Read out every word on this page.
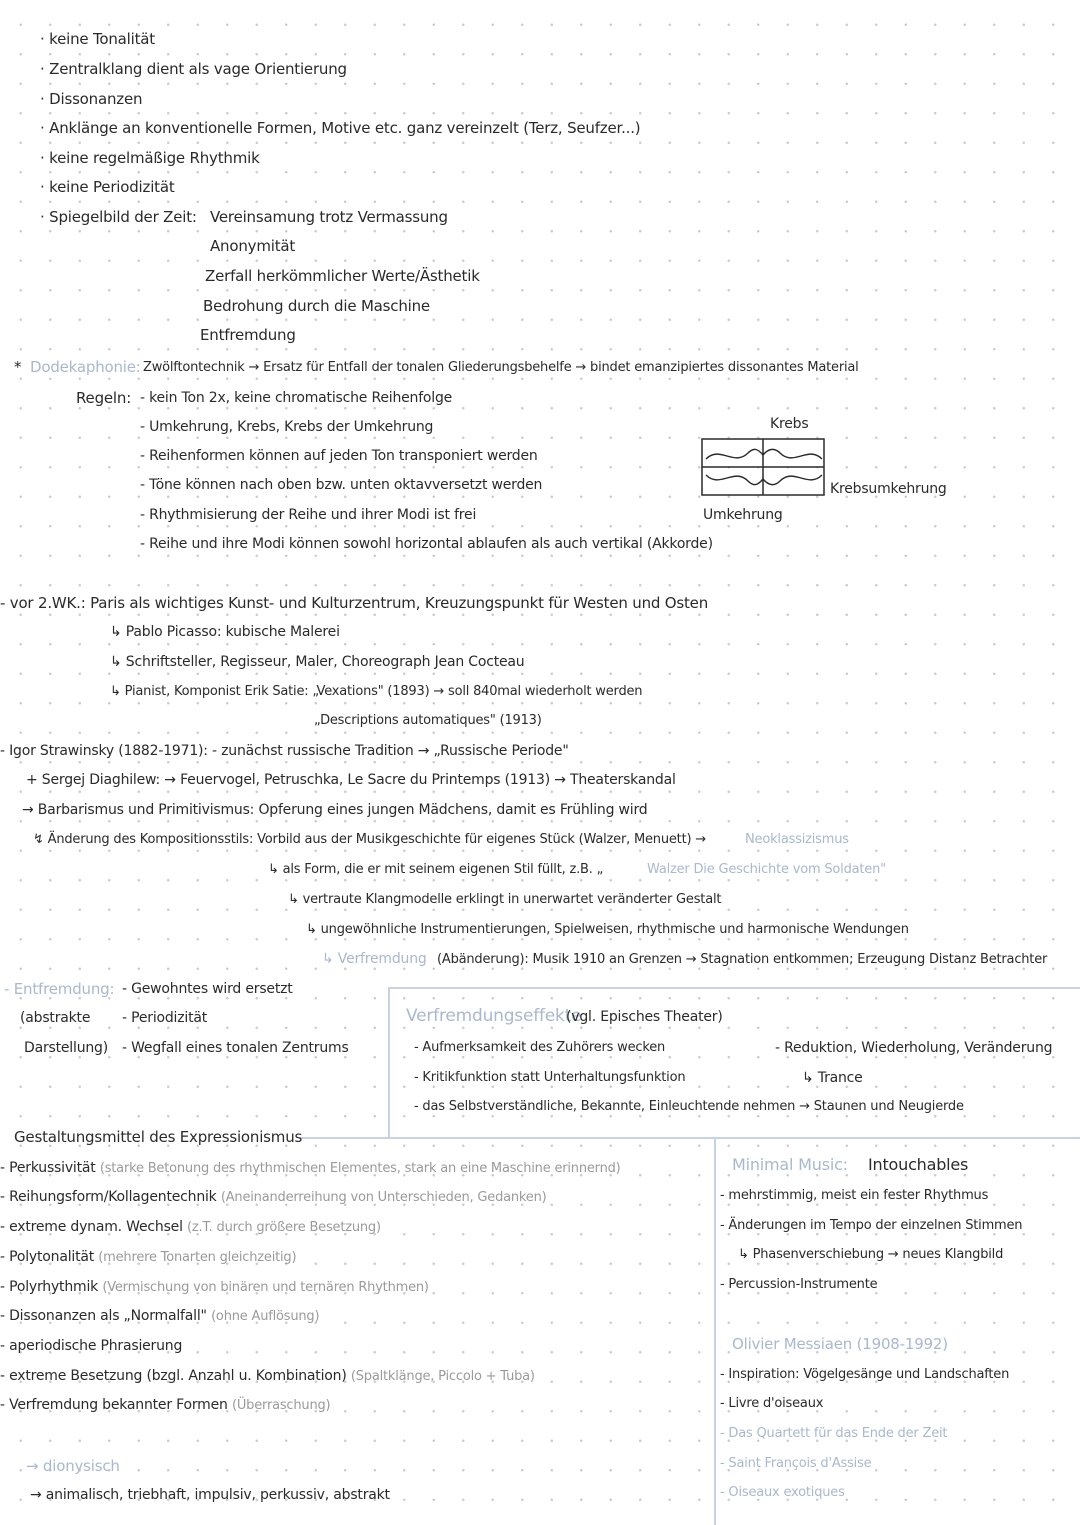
· keine Tonalität
· Zentralklang dient als vage Orientierung
· Dissonanzen
· Anklänge an konventionelle Formen, Motive etc. ganz vereinzelt (Terz, Seufzer...)
· keine regelmäßige Rhythmik
· keine Periodizität
· Spiegelbild der Zeit: Vereinsamung trotz Vermassung
Anonymität
Zerfall herkömmlicher Werte/Ästhetik
Bedrohung durch die Maschine
Entfremdung
* Dodekaphonie: Zwölftontechnik → Ersatz für Entfall der tonalen Gliederungsbehelfe → bindet emanzipiertes dissonantes Material
Regeln: - kein Ton 2x, keine chromatische Reihenfolge
- Umkehrung, Krebs, Krebs der Umkehrung
- Reihenformen können auf jeden Ton transponiert werden
- Töne können nach oben bzw. unten oktavversetzt werden
- Rhythmisierung der Reihe und ihrer Modi ist frei
- Reihe und ihre Modi können sowohl horizontal ablaufen als auch vertikal (Akkorde)
Krebs
Krebsumkehrung
Umkehrung
- vor 2.WK.: Paris als wichtiges Kunst- und Kulturzentrum, Kreuzungspunkt für Westen und Osten
↳ Pablo Picasso: kubische Malerei
↳ Schriftsteller, Regisseur, Maler, Choreograph Jean Cocteau
↳ Pianist, Komponist Erik Satie: „Vexations" (1893) → soll 840mal wiederholt werden
„Descriptions automatiques" (1913)
- Igor Strawinsky (1882-1971): - zunächst russische Tradition → „Russische Periode"
+ Sergej Diaghilew: → Feuervogel, Petruschka, Le Sacre du Printemps (1913) → Theaterskandal
→ Barbarismus und Primitivismus: Opferung eines jungen Mädchens, damit es Frühling wird
↯ Änderung des Kompositionsstils: Vorbild aus der Musikgeschichte für eigenes Stück (Walzer, Menuett) →	Neoklassizismus
↳ als Form, die er mit seinem eigenen Stil füllt, z.B. „	Walzer Die Geschichte vom Soldaten"
↳ vertraute Klangmodelle erklingt in unerwartet veränderter Gestalt
↳ ungewöhnliche Instrumentierungen, Spielweisen, rhythmische und harmonische Wendungen
↳ Verfremdung (Abänderung): Musik 1910 an Grenzen → Stagnation entkommen; Erzeugung Distanz Betrachter
- Entfremdung:
(abstrakte
Darstellung)
- Gewohntes wird ersetzt
- Periodizität
- Wegfall eines tonalen Zentrums
Verfremdungseffekte
(vgl. Episches Theater)
- Aufmerksamkeit des Zuhörers wecken
- Kritikfunktion statt Unterhaltungsfunktion
- das Selbstverständliche, Bekannte, Einleuchtende nehmen → Staunen und Neugierde
- Reduktion, Wiederholung, Veränderung
↳ Trance
Gestaltungsmittel des Expressionismus
- Perkussivität (starke Betonung des rhythmischen Elementes, stark an eine Maschine erinnernd)
- Reihungsform/Kollagentechnik (Aneinanderreihung von Unterschieden, Gedanken)
- extreme dynam. Wechsel (z.T. durch größere Besetzung)
- Polytonalität (mehrere Tonarten gleichzeitig)
- Polyrhythmik (Vermischung von binären und ternären Rhythmen)
- Dissonanzen als „Normalfall" (ohne Auflösung)
- aperiodische Phrasierung
- extreme Besetzung (bzgl. Anzahl u. Kombination) (Spaltklänge, Piccolo + Tuba)
- Verfremdung bekannter Formen (Überraschung)
→ dionysisch
→ animalisch, triebhaft, impulsiv, perkussiv, abstrakt
Minimal Music: Intouchables
- mehrstimmig, meist ein fester Rhythmus
- Änderungen im Tempo der einzelnen Stimmen
↳ Phasenverschiebung → neues Klangbild
- Percussion-Instrumente
Olivier Messiaen (1908-1992)
- Inspiration: Vögelgesänge und Landschaften
- Livre d'oiseaux
- Das Quartett für das Ende der Zeit
- Saint François d'Assise
- Oiseaux exotiques
